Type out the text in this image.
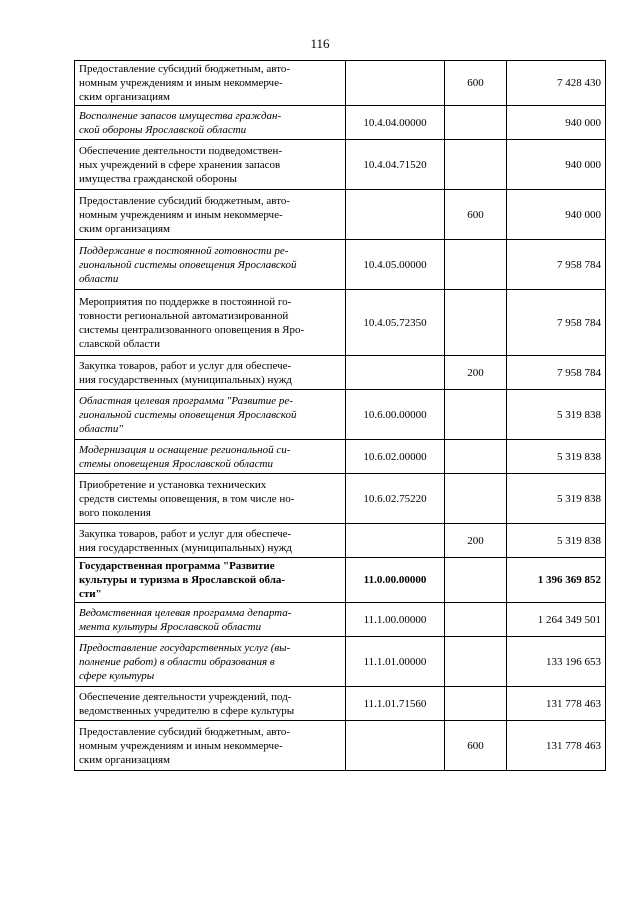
116
Предоставление субсидий бюджетным, авто-
номным учреждениям и иным некоммерче-
ским организациям		600	7 428 430
Восполнение запасов имущества граждан-
ской обороны Ярославской области	10.4.04.00000		940 000
Обеспечение деятельности подведомствен-
ных учреждений в сфере хранения запасов
имущества гражданской обороны	10.4.04.71520		940 000
Предоставление субсидий бюджетным, авто-
номным учреждениям и иным некоммерче-
ским организациям		600	940 000
Поддержание в постоянной готовности ре-
гиональной системы оповещения Ярославской
области	10.4.05.00000		7 958 784
Мероприятия по поддержке в постоянной го-
товности региональной автоматизированной
системы централизованного оповещения в Яро-
славской области	10.4.05.72350		7 958 784
Закупка товаров, работ и услуг для обеспече-
ния государственных (муниципальных) нужд		200	7 958 784
Областная целевая программа "Развитие ре-
гиональной системы оповещения Ярославской
области"	10.6.00.00000		5 319 838
Модернизация и оснащение региональной си-
стемы оповещения Ярославской области	10.6.02.00000		5 319 838
Приобретение и установка технических
средств системы оповещения, в том числе но-
вого поколения	10.6.02.75220		5 319 838
Закупка товаров, работ и услуг для обеспече-
ния государственных (муниципальных) нужд		200	5 319 838
Государственная программа "Развитие
культуры и туризма в Ярославской обла-
сти"	11.0.00.00000		1 396 369 852
Ведомственная целевая программа департа-
мента культуры Ярославской области	11.1.00.00000		1 264 349 501
Предоставление государственных услуг (вы-
полнение работ) в области образования в
сфере культуры	11.1.01.00000		133 196 653
Обеспечение деятельности учреждений, под-
ведомственных учредителю в сфере культуры	11.1.01.71560		131 778 463
Предоставление субсидий бюджетным, авто-
номным учреждениям и иным некоммерче-
ским организациям		600	131 778 463
